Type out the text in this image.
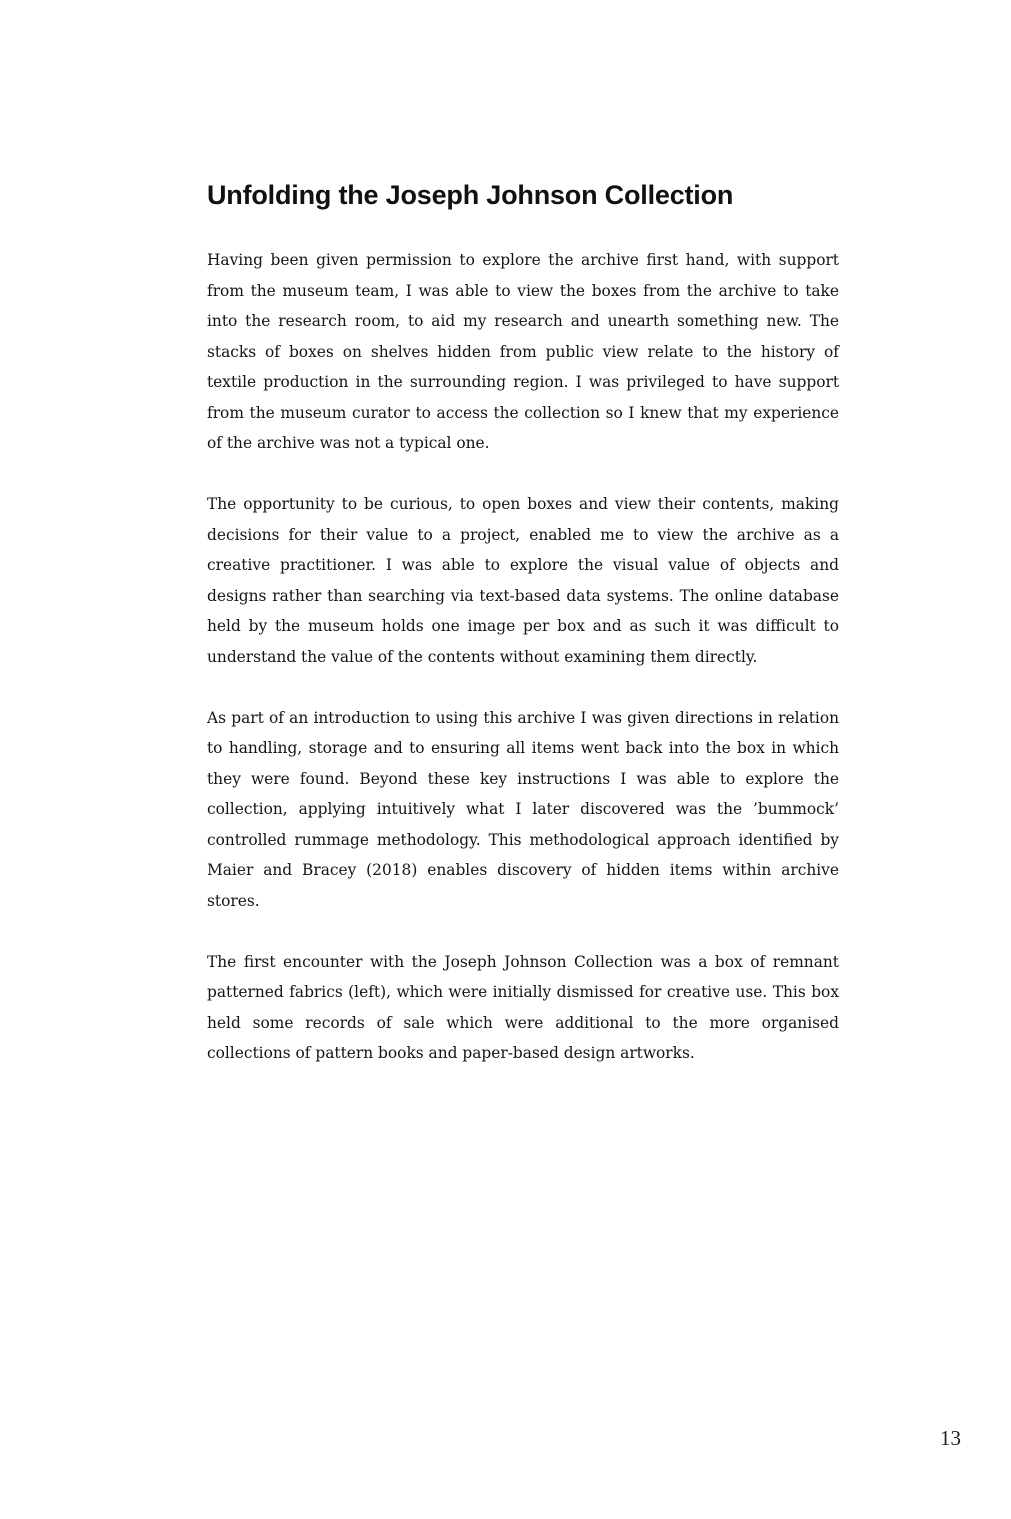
Unfolding the Joseph Johnson Collection

Having been given permission to explore the archive first hand, with support from the museum team, I was able to view the boxes from the archive to take into the research room, to aid my research and unearth something new. The stacks of boxes on shelves hidden from public view relate to the history of textile production in the surrounding region. I was privileged to have support from the museum curator to access the collection so I knew that my experience of the archive was not a typical one.

The opportunity to be curious, to open boxes and view their contents, making decisions for their value to a project, enabled me to view the archive as a creative practitioner. I was able to explore the visual value of objects and designs rather than searching via text-based data systems. The online database held by the museum holds one image per box and as such it was difficult to understand the value of the contents without examining them directly.

As part of an introduction to using this archive I was given directions in relation to handling, storage and to ensuring all items went back into the box in which they were found. Beyond these key instructions I was able to explore the collection, applying intuitively what I later discovered was the ’bummock’ controlled rummage methodology. This methodological approach identified by Maier and Bracey (2018) enables discovery of hidden items within archive stores.

The first encounter with the Joseph Johnson Collection was a box of remnant patterned fabrics (left), which were initially dismissed for creative use. This box held some records of sale which were additional to the more organised collections of pattern books and paper-based design artworks.

13
